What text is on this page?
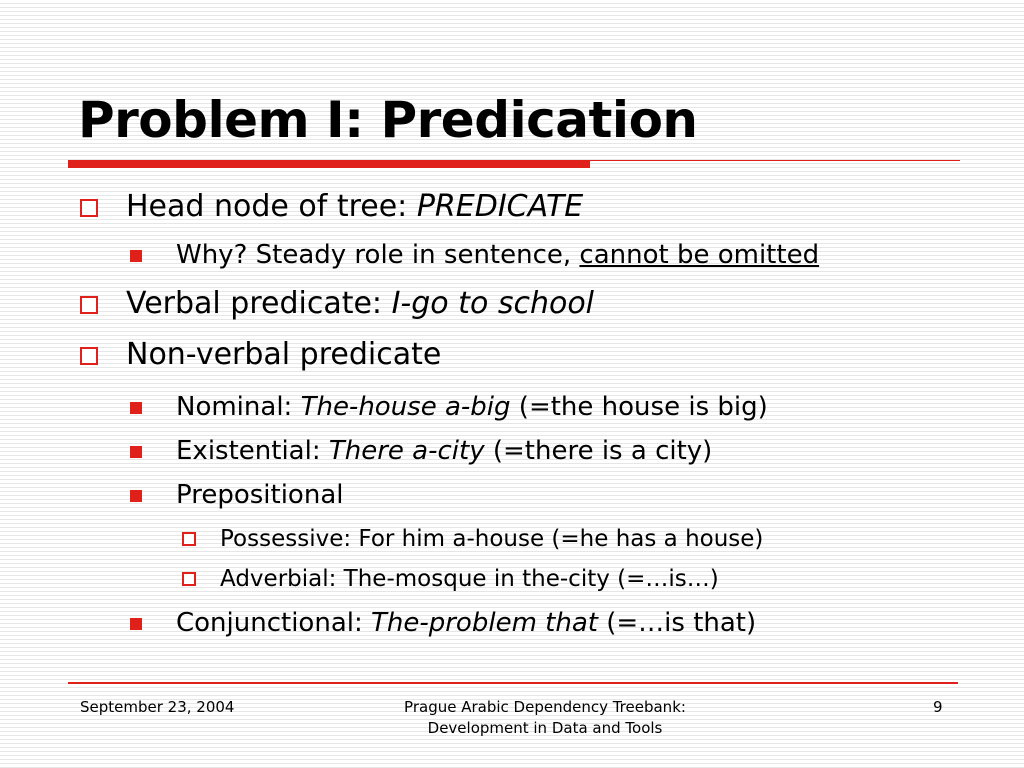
Problem I: Predication
Head node of tree: PREDICATE
Why? Steady role in sentence, cannot be omitted
Verbal predicate: I-go to school
Non-verbal predicate
Nominal: The-house a-big (=the house is big)
Existential: There a-city (=there is a city)
Prepositional
Possessive: For him a-house (=he has a house)
Adverbial: The-mosque in the-city (=…is…)
Conjunctional: The-problem that (=…is that)
September 23, 2004	Prague Arabic Dependency Treebank:
Development in Data and Tools
9
